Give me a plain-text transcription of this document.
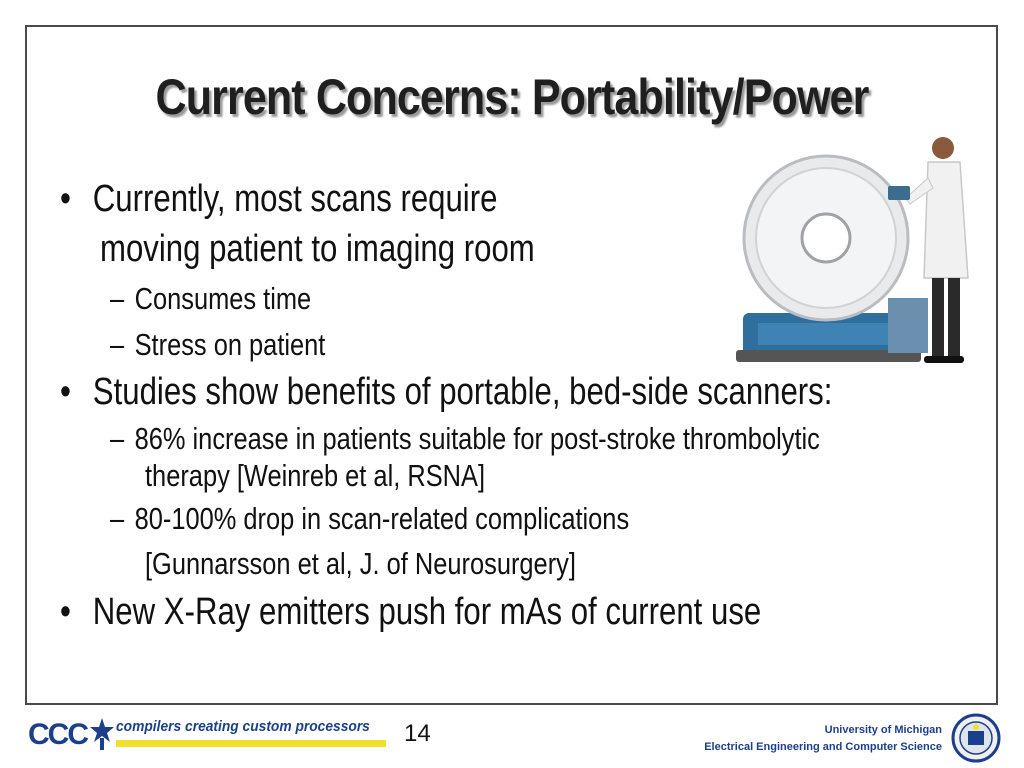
Current Concerns: Portability/Power
• Currently, most scans require
moving patient to imaging room
– Consumes time
– Stress on patient
• Studies show benefits of portable, bed-side scanners:
– 86% increase in patients suitable for post-stroke thrombolytic
therapy [Weinreb et al, RSNA]
– 80-100% drop in scan-related complications
[Gunnarsson et al, J. of Neurosurgery]
• New X-Ray emitters push for mAs of current use
CCC compilers creating custom processors 14	University of Michigan
Electrical Engineering and Computer Science
